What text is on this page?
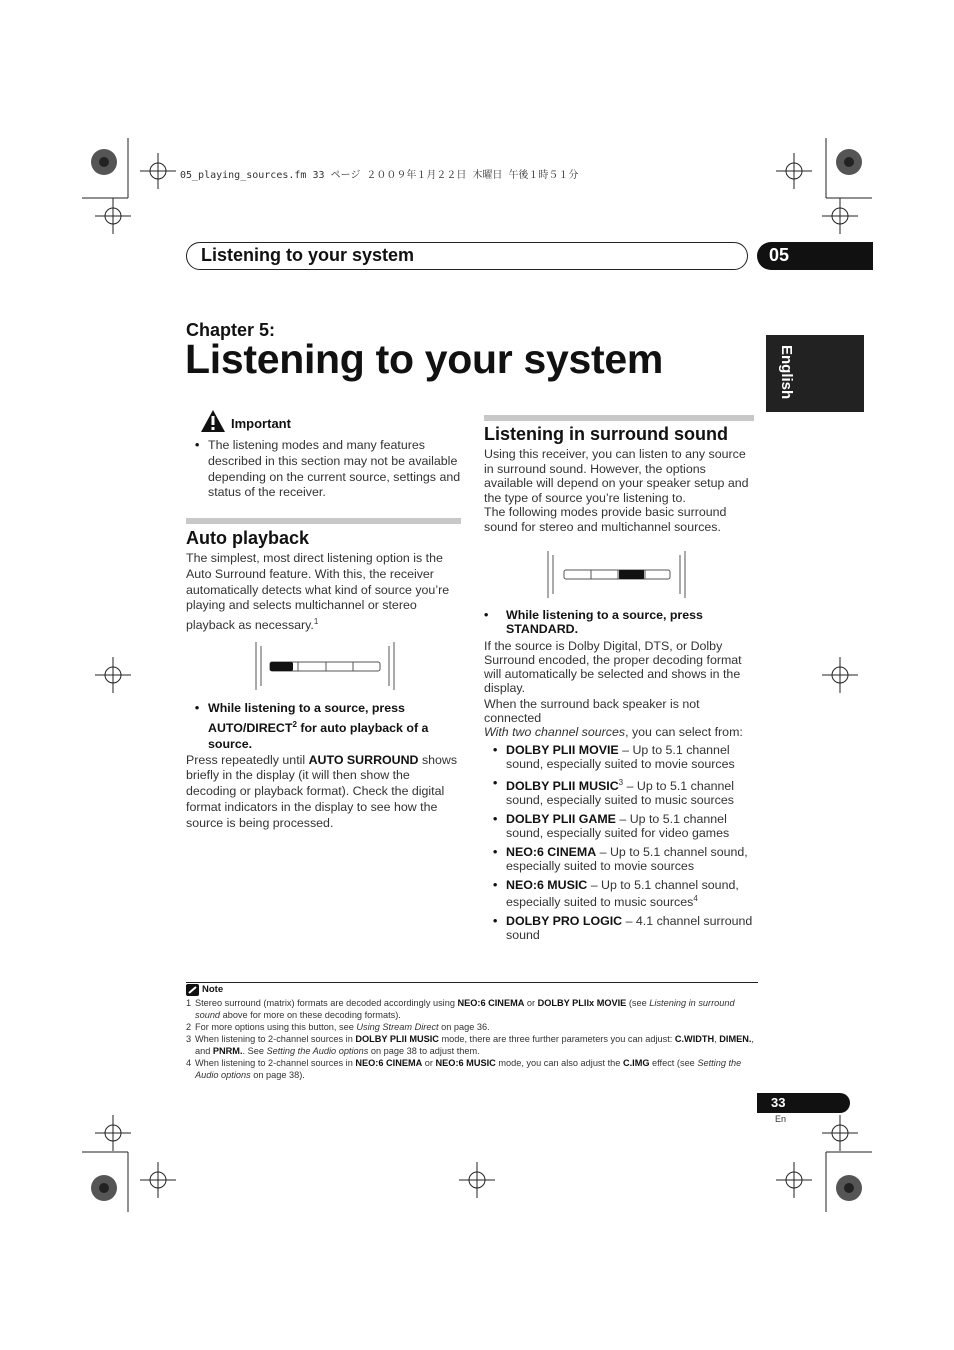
05_playing_sources.fm 33 ページ ２００９年１月２２日 木曜日 午後１時５１分
Listening to your system	05
English
Chapter 5:
Listening to your system
Important
• The listening modes and many features described in this section may not be available depending on the current source, settings and status of the receiver.
Auto playback
The simplest, most direct listening option is the Auto Surround feature. With this, the receiver automatically detects what kind of source you’re playing and selects multichannel or stereo playback as necessary.$^1$
• While listening to a source, press AUTO/DIRECT$^2$ for auto playback of a source.
Press repeatedly until AUTO SURROUND shows briefly in the display (it will then show the decoding or playback format). Check the digital format indicators in the display to see how the source is being processed.
Listening in surround sound
Using this receiver, you can listen to any source in surround sound. However, the options available will depend on your speaker setup and the type of source you’re listening to.
The following modes provide basic surround sound for stereo and multichannel sources.
• While listening to a source, press STANDARD.
If the source is Dolby Digital, DTS, or Dolby Surround encoded, the proper decoding format will automatically be selected and shows in the display.
When the surround back speaker is not connected
With two channel sources, you can select from:
• DOLBY PLII MOVIE – Up to 5.1 channel sound, especially suited to movie sources
• DOLBY PLII MUSIC$^3$ – Up to 5.1 channel sound, especially suited to music sources
• DOLBY PLII GAME – Up to 5.1 channel sound, especially suited for video games
• NEO:6 CINEMA – Up to 5.1 channel sound, especially suited to movie sources
• NEO:6 MUSIC – Up to 5.1 channel sound, especially suited to music sources$^4$
• DOLBY PRO LOGIC – 4.1 channel surround sound
Note
1 Stereo surround (matrix) formats are decoded accordingly using NEO:6 CINEMA or DOLBY PLIIx MOVIE (see Listening in surround sound above for more on these decoding formats).
2 For more options using this button, see Using Stream Direct on page 36.
3 When listening to 2-channel sources in DOLBY PLII MUSIC mode, there are three further parameters you can adjust: C.WIDTH, DIMEN., and PNRM.. See Setting the Audio options on page 38 to adjust them.
4 When listening to 2-channel sources in NEO:6 CINEMA or NEO:6 MUSIC mode, you can also adjust the C.IMG effect (see Setting the Audio options on page 38).
33
En
